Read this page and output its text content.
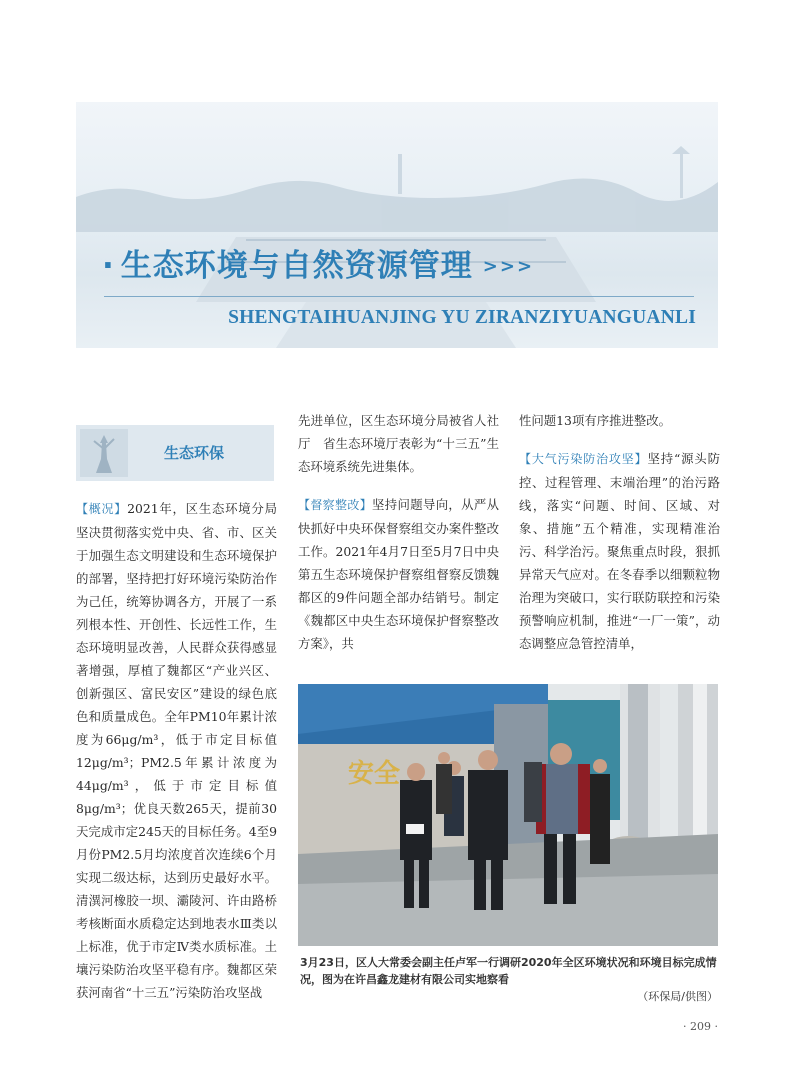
· 生态环境与自然资源管理 >>>
SHENGTAIHUANJING YU ZIRANZIYUANGUANLI
生态环保

【概况】2021年，区生态环境分局坚决贯彻落实党中央、省、市、区关于加强生态文明建设和生态环境保护的部署，坚持把打好环境污染防治作为己任，统筹协调各方，开展了一系列根本性、开创性、长远性工作，生态环境明显改善，人民群众获得感显著增强，厚植了魏都区“产业兴区、创新强区、富民安区”建设的绿色底色和质量成色。全年PM10年累计浓度为66μg/m³，低于市定目标值12μg/m³；PM2.5年累计浓度为44μg/m³，低于市定目标值8μg/m³；优良天数265天，提前30天完成市定245天的目标任务。4至9月份PM2.5月均浓度首次连续6个月实现二级达标，达到历史最好水平。清潩河橡胶一坝、灞陵河、许由路桥考核断面水质稳定达到地表水Ⅲ类以上标准，优于市定Ⅳ类水质标准。土壤污染防治攻坚平稳有序。魏都区荣获河南省“十三五”污染防治攻坚战

先进单位，区生态环境分局被省人社厅　省生态环境厅表彰为“十三五”生态环境系统先进集体。

【督察整改】坚持问题导向，从严从快抓好中央环保督察组交办案件整改工作。2021年4月7日至5月7日中央第五生态环境保护督察组督察反馈魏都区的9件问题全部办结销号。制定《魏都区中央生态环境保护督察整改方案》，共

性问题13项有序推进整改。

【大气污染防治攻坚】坚持“源头防控、过程管理、末端治理”的治污路线，落实“问题、时间、区域、对象、措施”五个精准，实现精准治污、科学治污。聚焦重点时段，狠抓异常天气应对。在冬春季以细颗粒物治理为突破口，实行联防联控和污染预警响应机制，推进“一厂一策”，动态调整应急管控清单，

安全
3月23日，区人大常委会副主任卢军一行调研2020年全区环境状况和环境目标完成情况，图为在许昌鑫龙建材有限公司实地察看
（环保局/供图）
· 209 ·
